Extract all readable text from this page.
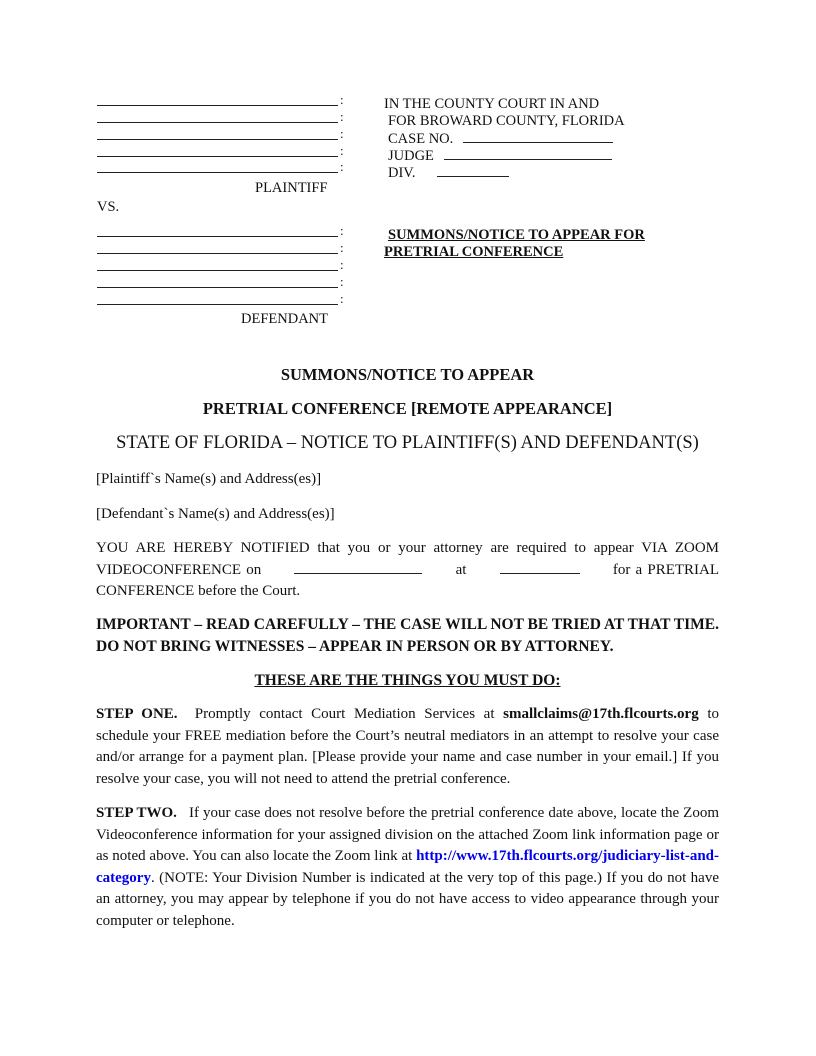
:
:
:
:
:
PLAINTIFF
VS.
:
:
:
:
:
DEFENDANT
IN THE COUNTY COURT IN AND
FOR BROWARD COUNTY, FLORIDA
CASE NO.
JUDGE
DIV.
SUMMONS/NOTICE TO APPEAR FOR
PRETRIAL CONFERENCE
SUMMONS/NOTICE TO APPEAR
PRETRIAL CONFERENCE [REMOTE APPEARANCE]
STATE OF FLORIDA – NOTICE TO PLAINTIFF(S) AND DEFENDANT(S)
[Plaintiff`s Name(s) and Address(es)]
[Defendant`s Name(s) and Address(es)]
YOU ARE HEREBY NOTIFIED that you or your attorney are required to appear VIA ZOOM VIDEOCONFERENCE on	at	for a PRETRIAL CONFERENCE before the Court.
IMPORTANT – READ CAREFULLY – THE CASE WILL NOT BE TRIED AT THAT TIME. DO NOT BRING WITNESSES – APPEAR IN PERSON OR BY ATTORNEY.
THESE ARE THE THINGS YOU MUST DO:
STEP ONE. Promptly contact Court Mediation Services at smallclaims@17th.flcourts.org to schedule your FREE mediation before the Court’s neutral mediators in an attempt to resolve your case and/or arrange for a payment plan. [Please provide your name and case number in your email.] If you resolve your case, you will not need to attend the pretrial conference.
STEP TWO. If your case does not resolve before the pretrial conference date above, locate the Zoom Videoconference information for your assigned division on the attached Zoom link information page or as noted above. You can also locate the Zoom link at http://www.17th.flcourts.org/judiciary-list-and-category. (NOTE: Your Division Number is indicated at the very top of this page.) If you do not have an attorney, you may appear by telephone if you do not have access to video appearance through your computer or telephone.
